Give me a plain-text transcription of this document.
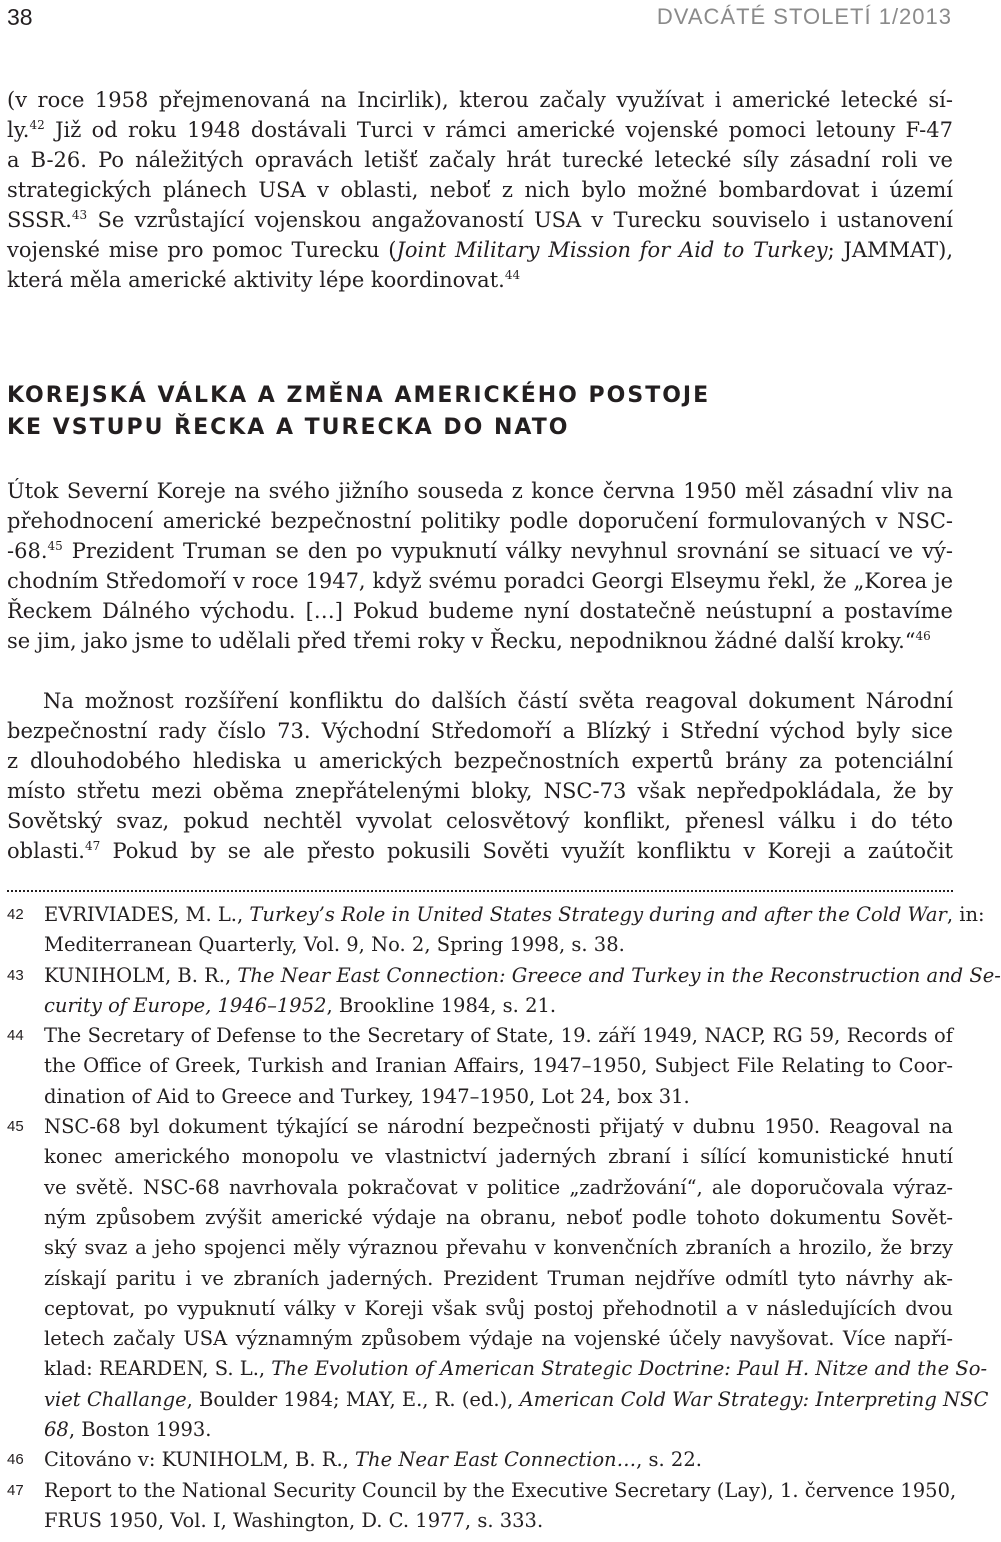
38	DVACÁTÉ STOLETÍ 1/2013
(v roce 1958 přejmenovaná na Incirlik), kterou začaly využívat i americké letecké sí-
ly.$^{42}$ Již od roku 1948 dostávali Turci v rámci americké vojenské pomoci letouny F-47
a B-26. Po náležitých opravách letišť začaly hrát turecké letecké síly zásadní roli ve
strategických plánech USA v oblasti, neboť z nich bylo možné bombardovat i území
SSSR.$^{43}$ Se vzrůstající vojenskou angažovaností USA v Turecku souviselo i ustanovení
vojenské mise pro pomoc Turecku (Joint Military Mission for Aid to Turkey; JAMMAT),
která měla americké aktivity lépe koordinovat.$^{44}$
KOREJSKÁ VÁLKA A ZMĚNA AMERICKÉHO POSTOJE
KE VSTUPU ŘECKA A TURECKA DO NATO
Útok Severní Koreje na svého jižního souseda z konce června 1950 měl zásadní vliv na
přehodnocení americké bezpečnostní politiky podle doporučení formulovaných v NSC-
-68.45 Prezident Truman se den po vypuknutí války nevyhnul srovnání se situací ve vý-
chodním Středomoří v roce 1947, když svému poradci Georgi Elseymu řekl, že „Korea je
Řeckem Dálného východu. […] Pokud budeme nyní dostatečně neústupní a postavíme
se jim, jako jsme to udělali před třemi roky v Řecku, nepodniknou žádné další kroky.“$^{46}$
Na možnost rozšíření konfliktu do dalších částí světa reagoval dokument Národní
bezpečnostní rady číslo 73. Východní Středomoří a Blízký i Střední východ byly sice
z dlouhodobého hlediska u amerických bezpečnostních expertů brány za potenciální
místo střetu mezi oběma znepřátelenými bloky, NSC-73 však nepředpokládala, že by
Sovětský svaz, pokud nechtěl vyvolat celosvětový konflikt, přenesl válku i do této
oblasti.$^{47}$ Pokud by se ale přesto pokusili Sověti využít konfliktu v Koreji a zaútočit
42 EVRIVIADES, M. L., Turkey’s Role in United States Strategy during and after the Cold War, in:
Mediterranean Quarterly, Vol. 9, No. 2, Spring 1998, s. 38.
43 KUNIHOLM, B. R., The Near East Connection: Greece and Turkey in the Reconstruction and Se-
curity of Europe, 1946–1952, Brookline 1984, s. 21.
44 The Secretary of Defense to the Secretary of State, 19. září 1949, NACP, RG 59, Records of
the Office of Greek, Turkish and Iranian Affairs, 1947–1950, Subject File Relating to Coor-
dination of Aid to Greece and Turkey, 1947–1950, Lot 24, box 31.
45 NSC-68 byl dokument týkající se národní bezpečnosti přijatý v dubnu 1950. Reagoval na
konec amerického monopolu ve vlastnictví jaderných zbraní i sílící komunistické hnutí
ve světě. NSC-68 navrhovala pokračovat v politice „zadržování“, ale doporučovala výraz-
ným způsobem zvýšit americké výdaje na obranu, neboť podle tohoto dokumentu Sovět-
ský svaz a jeho spojenci měly výraznou převahu v konvenčních zbraních a hrozilo, že brzy
získají paritu i ve zbraních jaderných. Prezident Truman nejdříve odmítl tyto návrhy ak-
ceptovat, po vypuknutí války v Koreji však svůj postoj přehodnotil a v následujících dvou
letech začaly USA významným způsobem výdaje na vojenské účely navyšovat. Více napří-
klad: REARDEN, S. L., The Evolution of American Strategic Doctrine: Paul H. Nitze and the So-
viet Challange, Boulder 1984; MAY, E., R. (ed.), American Cold War Strategy: Interpreting NSC
68, Boston 1993.
46 Citováno v: KUNIHOLM, B. R., The Near East Connection…, s. 22.
47 Report to the National Security Council by the Executive Secretary (Lay), 1. července 1950,
FRUS 1950, Vol. I, Washington, D. C. 1977, s. 333.
